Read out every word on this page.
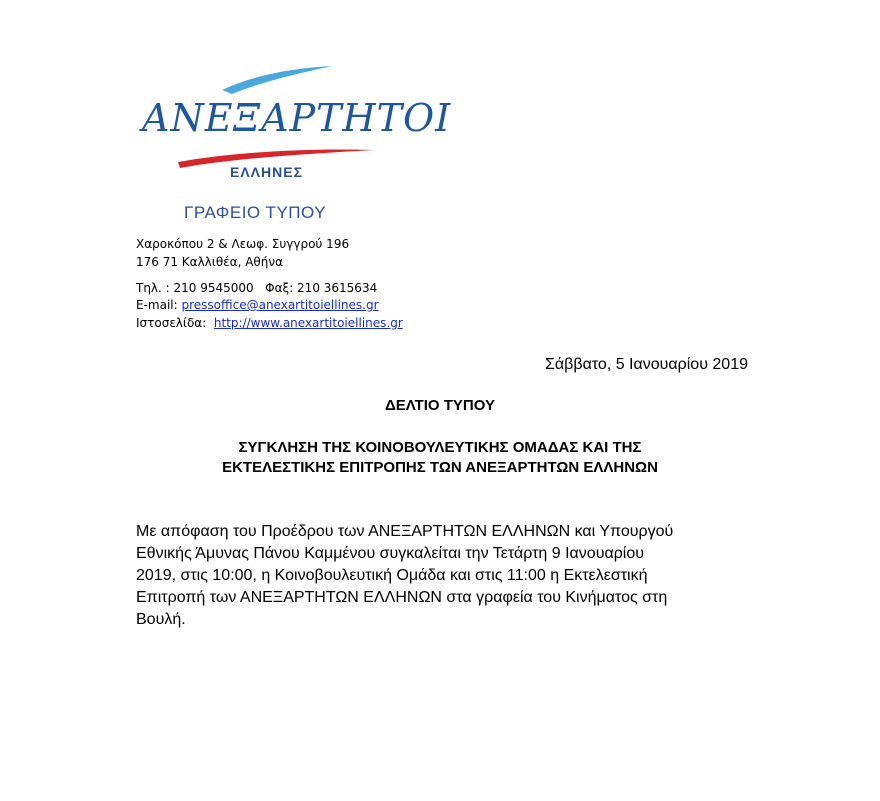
ΑΝΕΞΑΡΤΗΤΟΙ
ΕΛΛΗΝΕΣ
ΓΡΑΦΕΙΟ ΤΥΠΟΥ
Χαροκόπου 2 & Λεωφ. Συγγρού 196
176 71 Καλλιθέα, Αθήνα
Τηλ. : 210 9545000 Φαξ: 210 3615634
E-mail: pressoffice@anexartitoiellines.gr
Ιστοσελίδα: http://www.anexartitoiellines.gr
Σάββατο, 5 Ιανουαρίου 2019
ΔΕΛΤΙΟ ΤΥΠΟΥ
ΣΥΓΚΛΗΣΗ ΤΗΣ ΚΟΙΝΟΒΟΥΛΕΥΤΙΚΗΣ ΟΜΑΔΑΣ ΚΑΙ ΤΗΣ
ΕΚΤΕΛΕΣΤΙΚΗΣ ΕΠΙΤΡΟΠΗΣ ΤΩΝ ΑΝΕΞΑΡΤΗΤΩΝ ΕΛΛΗΝΩΝ
Με απόφαση του Προέδρου των ΑΝΕΞΑΡΤΗΤΩΝ ΕΛΛΗΝΩΝ και Υπουργού
Εθνικής Άμυνας Πάνου Καμμένου συγκαλείται την Τετάρτη 9 Ιανουαρίου
2019, στις 10:00, η Κοινοβουλευτική Ομάδα και στις 11:00 η Εκτελεστική
Επιτροπή των ΑΝΕΞΑΡΤΗΤΩΝ ΕΛΛΗΝΩΝ στα γραφεία του Κινήματος στη
Βουλή.
